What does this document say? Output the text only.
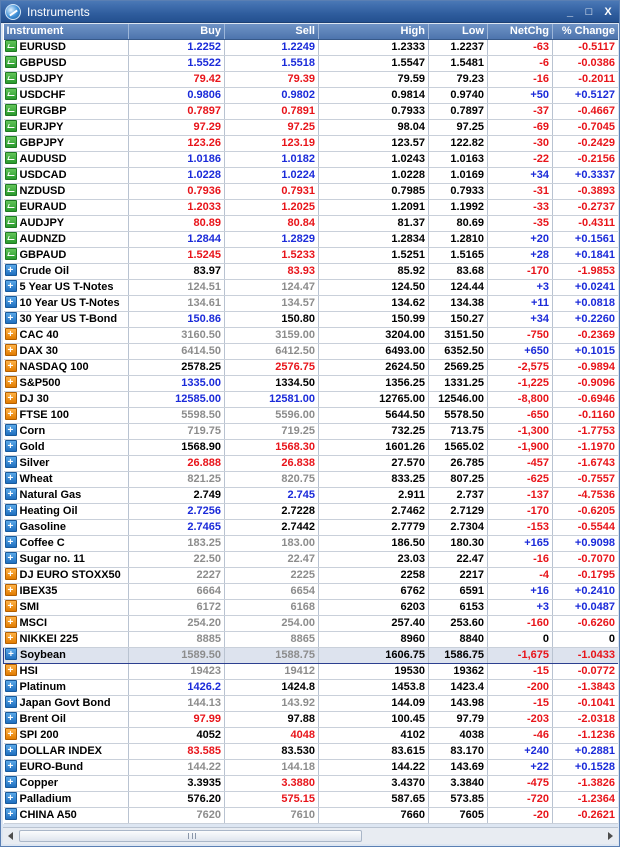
Instruments	_	□	X
Instrument	Buy	Sell	High	Low	NetChg	% Change
EURUSD	1.2252	1.2249	1.2333	1.2237	-63	-0.5117
GBPUSD	1.5522	1.5518	1.5547	1.5481	-6	-0.0386
USDJPY	79.42	79.39	79.59	79.23	-16	-0.2011
USDCHF	0.9806	0.9802	0.9814	0.9740	+50	+0.5127
EURGBP	0.7897	0.7891	0.7933	0.7897	-37	-0.4667
EURJPY	97.29	97.25	98.04	97.25	-69	-0.7045
GBPJPY	123.26	123.19	123.57	122.82	-30	-0.2429
AUDUSD	1.0186	1.0182	1.0243	1.0163	-22	-0.2156
USDCAD	1.0228	1.0224	1.0228	1.0169	+34	+0.3337
NZDUSD	0.7936	0.7931	0.7985	0.7933	-31	-0.3893
EURAUD	1.2033	1.2025	1.2091	1.1992	-33	-0.2737
AUDJPY	80.89	80.84	81.37	80.69	-35	-0.4311
AUDNZD	1.2844	1.2829	1.2834	1.2810	+20	+0.1561
GBPAUD	1.5245	1.5233	1.5251	1.5165	+28	+0.1841
+Crude Oil	83.97	83.93	85.92	83.68	-170	-1.9853
+5 Year US T-Notes	124.51	124.47	124.50	124.44	+3	+0.0241
+10 Year US T-Notes	134.61	134.57	134.62	134.38	+11	+0.0818
+30 Year US T-Bond	150.86	150.80	150.99	150.27	+34	+0.2260
+CAC 40	3160.50	3159.00	3204.00	3151.50	-750	-0.2369
+DAX 30	6414.50	6412.50	6493.00	6352.50	+650	+0.1015
+NASDAQ 100	2578.25	2576.75	2624.50	2569.25	-2,575	-0.9894
+S&P500	1335.00	1334.50	1356.25	1331.25	-1,225	-0.9096
+DJ 30	12585.00	12581.00	12765.00	12546.00	-8,800	-0.6946
+FTSE 100	5598.50	5596.00	5644.50	5578.50	-650	-0.1160
+Corn	719.75	719.25	732.25	713.75	-1,300	-1.7753
+Gold	1568.90	1568.30	1601.26	1565.02	-1,900	-1.1970
+Silver	26.888	26.838	27.570	26.785	-457	-1.6743
+Wheat	821.25	820.75	833.25	807.25	-625	-0.7557
+Natural Gas	2.749	2.745	2.911	2.737	-137	-4.7536
+Heating Oil	2.7256	2.7228	2.7462	2.7129	-170	-0.6205
+Gasoline	2.7465	2.7442	2.7779	2.7304	-153	-0.5544
+Coffee C	183.25	183.00	186.50	180.30	+165	+0.9098
+Sugar no. 11	22.50	22.47	23.03	22.47	-16	-0.7070
+DJ EURO STOXX50	2227	2225	2258	2217	-4	-0.1795
+IBEX35	6664	6654	6762	6591	+16	+0.2410
+SMI	6172	6168	6203	6153	+3	+0.0487
+MSCI	254.20	254.00	257.40	253.60	-160	-0.6260
+NIKKEI 225	8885	8865	8960	8840	0	0
+Soybean	1589.50	1588.75	1606.75	1586.75	-1,675	-1.0433
+HSI	19423	19412	19530	19362	-15	-0.0772
+Platinum	1426.2	1424.8	1453.8	1423.4	-200	-1.3843
+Japan Govt Bond	144.13	143.92	144.09	143.98	-15	-0.1041
+Brent Oil	97.99	97.88	100.45	97.79	-203	-2.0318
+SPI 200	4052	4048	4102	4038	-46	-1.1236
+DOLLAR INDEX	83.585	83.530	83.615	83.170	+240	+0.2881
+EURO-Bund	144.22	144.18	144.22	143.69	+22	+0.1528
+Copper	3.3935	3.3880	3.4370	3.3840	-475	-1.3826
+Palladium	576.20	575.15	587.65	573.85	-720	-1.2364
+CHINA A50	7620	7610	7660	7605	-20	-0.2621
